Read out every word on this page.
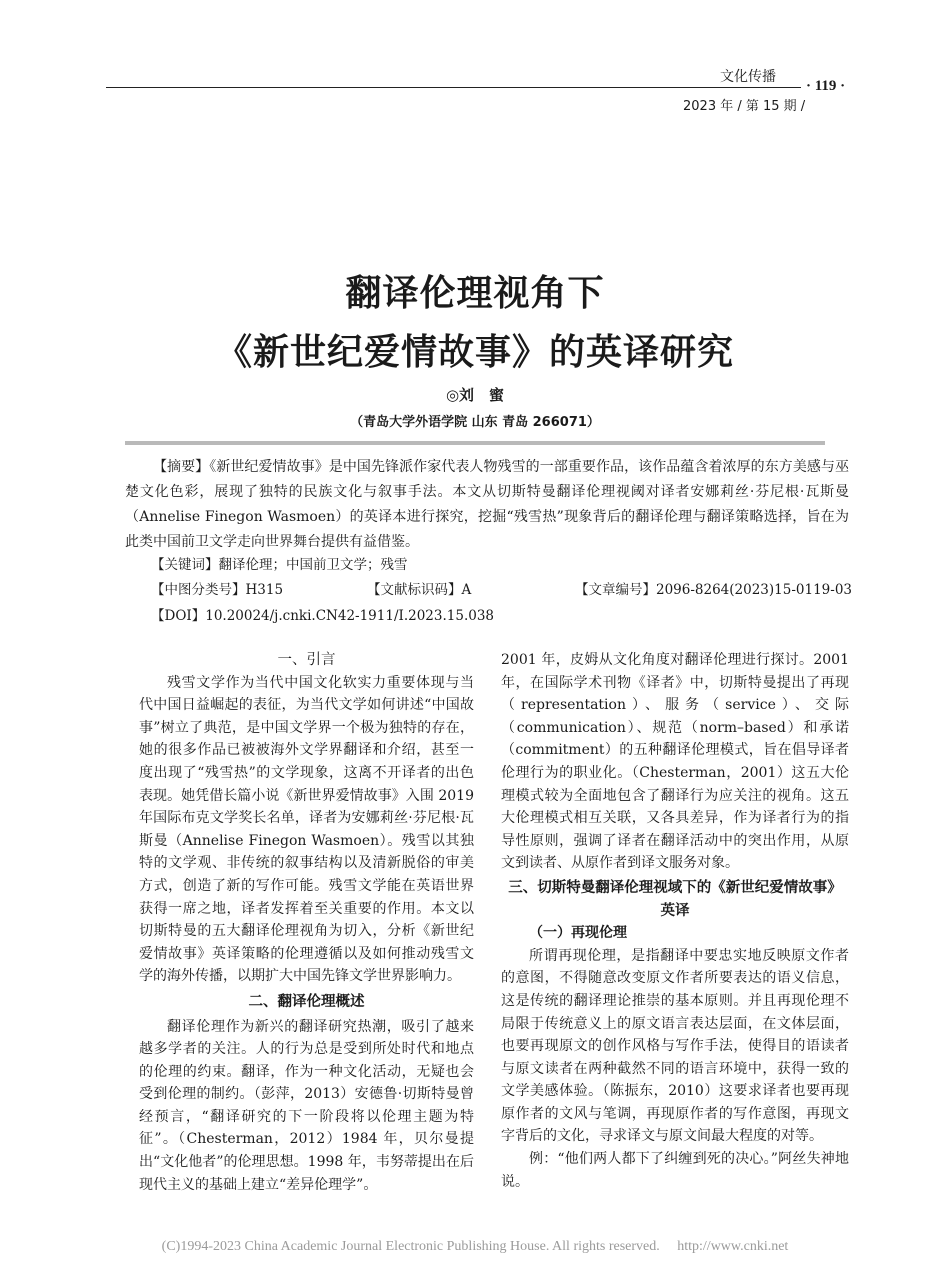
文化传播
· 119 ·
2023 年 / 第 15 期 /
翻译伦理视角下
《新世纪爱情故事》的英译研究
◎刘　蜜
（青岛大学外语学院 山东 青岛 266071）
【摘要】《新世纪爱情故事》是中国先锋派作家代表人物残雪的一部重要作品，该作品蕴含着浓厚的东方美感与巫楚文化色彩，展现了独特的民族文化与叙事手法。本文从切斯特曼翻译伦理视阈对译者安娜莉丝·芬尼根·瓦斯曼（Annelise Finegon Wasmoen）的英译本进行探究，挖掘“残雪热”现象背后的翻译伦理与翻译策略选择，旨在为此类中国前卫文学走向世界舞台提供有益借鉴。
【关键词】翻译伦理；中国前卫文学；残雪
【中图分类号】H315	【文献标识码】A	【文章编号】2096-8264(2023)15-0119-03
【DOI】10.20024/j.cnki.CN42-1911/I.2023.15.038

一、引言

残雪文学作为当代中国文化软实力重要体现与当代中国日益崛起的表征，为当代文学如何讲述“中国故事”树立了典范，是中国文学界一个极为独特的存在，她的很多作品已被被海外文学界翻译和介绍，甚至一度出现了“残雪热”的文学现象，这离不开译者的出色表现。她凭借长篇小说《新世界爱情故事》入围 2019 年国际布克文学奖长名单，译者为安娜莉丝·芬尼根·瓦斯曼（Annelise Finegon Wasmoen）。残雪以其独特的文学观、非传统的叙事结构以及清新脱俗的审美方式，创造了新的写作可能。残雪文学能在英语世界获得一席之地，译者发挥着至关重要的作用。本文以切斯特曼的五大翻译伦理视角为切入，分析《新世纪爱情故事》英译策略的伦理遵循以及如何推动残雪文学的海外传播，以期扩大中国先锋文学世界影响力。

二、翻译伦理概述

翻译伦理作为新兴的翻译研究热潮，吸引了越来越多学者的关注。人的行为总是受到所处时代和地点的伦理的约束。翻译，作为一种文化活动，无疑也会受到伦理的制约。（彭萍，2013）安德鲁·切斯特曼曾经预言，“翻译研究的下一阶段将以伦理主题为特征”。（Chesterman，2012）1984 年，贝尔曼提出“文化他者”的伦理思想。1998 年，韦努蒂提出在后现代主义的基础上建立“差异伦理学”。

2001 年，皮姆从文化角度对翻译伦理进行探讨。2001 年，在国际学术刊物《译者》中，切斯特曼提出了再现（representation）、服务（service）、交际（communication）、规范（norm–based）和承诺（commitment）的五种翻译伦理模式，旨在倡导译者伦理行为的职业化。（Chesterman，2001）这五大伦理模式较为全面地包含了翻译行为应关注的视角。这五大伦理模式相互关联，又各具差异，作为译者行为的指导性原则，强调了译者在翻译活动中的突出作用，从原文到读者、从原作者到译文服务对象。

三、切斯特曼翻译伦理视域下的《新世纪爱情故事》

英译

（一）再现伦理

所谓再现伦理，是指翻译中要忠实地反映原文作者的意图，不得随意改变原文作者所要表达的语义信息，这是传统的翻译理论推崇的基本原则。并且再现伦理不局限于传统意义上的原文语言表达层面，在文体层面，也要再现原文的创作风格与写作手法，使得目的语读者与原文读者在两种截然不同的语言环境中，获得一致的文学美感体验。（陈振东，2010）这要求译者也要再现原作者的文风与笔调，再现原作者的写作意图，再现文字背后的文化，寻求译文与原文间最大程度的对等。

例：“他们两人都下了纠缠到死的决心。”阿丝失神地说。

(C)1994-2023 China Academic Journal Electronic Publishing House. All rights reserved.　 http://www.cnki.net
